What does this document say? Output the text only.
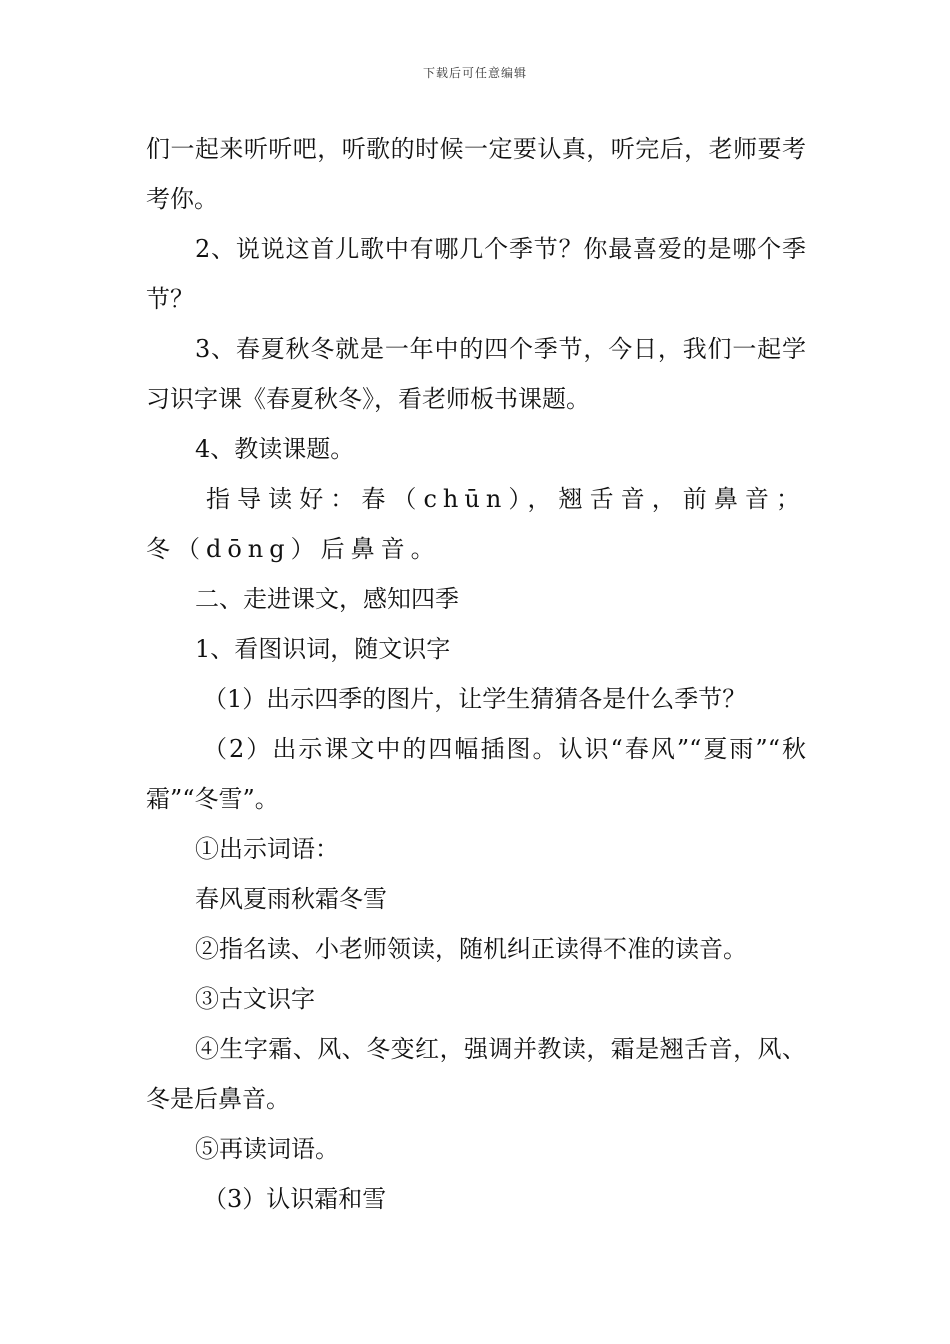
下载后可任意编辑

们一起来听听吧，听歌的时候一定要认真，听完后，老师要考考你。

2、说说这首儿歌中有哪几个季节？你最喜爱的是哪个季节？

3、春夏秋冬就是一年中的四个季节，今日，我们一起学习识字课《春夏秋冬》，看老师板书课题。

4、教读课题。

指导读好：春（chūn），翘舌音，前鼻音；冬（dōng）后鼻音。

二、走进课文，感知四季

1、看图识词，随文识字

（1）出示四季的图片，让学生猜猜各是什么季节？

（2）出示课文中的四幅插图。认识“春风”“夏雨”“秋霜”“冬雪”。

①出示词语：

春风夏雨秋霜冬雪

②指名读、小老师领读，随机纠正读得不准的读音。

③古文识字

④生字霜、风、冬变红，强调并教读，霜是翘舌音，风、冬是后鼻音。

⑤再读词语。

（3）认识霜和雪
